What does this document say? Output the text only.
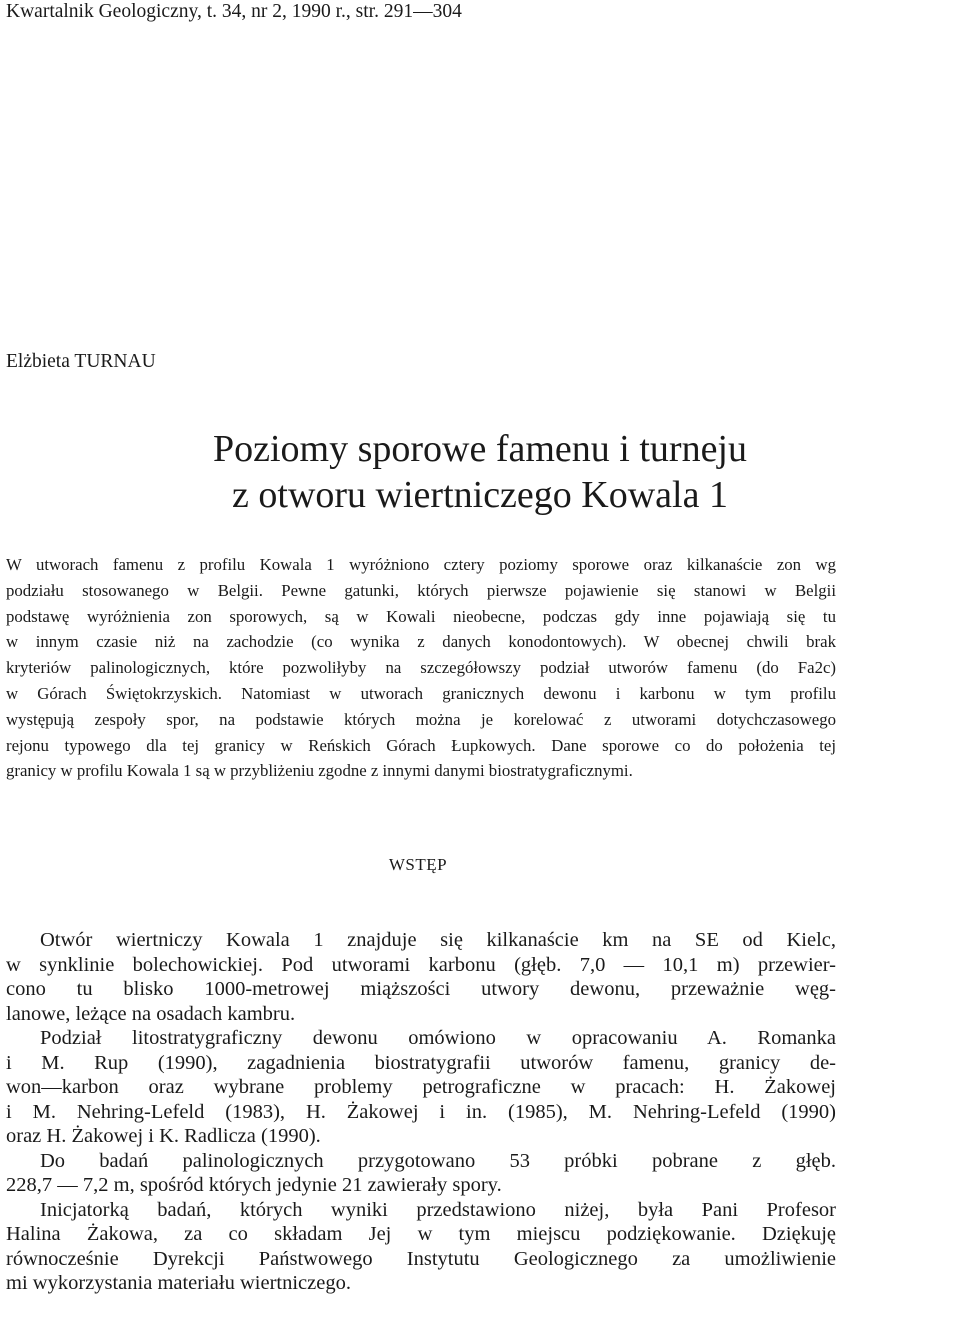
Kwartalnik Geologiczny, t. 34, nr 2, 1990 r., str. 291—304
Elżbieta TURNAU
Poziomy sporowe famenu i turneju
z otworu wiertniczego Kowala 1
W utworach famenu z profilu Kowala 1 wyróżniono cztery poziomy sporowe oraz kilkanaście zon wg
podziału stosowanego w Belgii. Pewne gatunki, których pierwsze pojawienie się stanowi w Belgii
podstawę wyróżnienia zon sporowych, są w Kowali nieobecne, podczas gdy inne pojawiają się tu
w innym czasie niż na zachodzie (co wynika z danych konodontowych). W obecnej chwili brak
kryteriów palinologicznych, które pozwoliłyby na szczegółowszy podział utworów famenu (do Fa2c)
w Górach Świętokrzyskich. Natomiast w utworach granicznych dewonu i karbonu w tym profilu
występują zespoły spor, na podstawie których można je korelować z utworami dotychczasowego
rejonu typowego dla tej granicy w Reńskich Górach Łupkowych. Dane sporowe co do położenia tej
granicy w profilu Kowala 1 są w przybliżeniu zgodne z innymi danymi biostratygraficznymi.
WSTĘP
Otwór wiertniczy Kowala 1 znajduje się kilkanaście km na SE od Kielc,
w synklinie bolechowickiej. Pod utworami karbonu (głęb. 7,0 — 10,1 m) przewier-
cono tu blisko 1000-metrowej miąższości utwory dewonu, przeważnie węg-
lanowe, leżące na osadach kambru.
Podział litostratygraficzny dewonu omówiono w opracowaniu A. Romanka
i M. Rup (1990), zagadnienia biostratygrafii utworów famenu, granicy de-
won—karbon oraz wybrane problemy petrograficzne w pracach: H. Żakowej
i M. Nehring-Lefeld (1983), H. Żakowej i in. (1985), M. Nehring-Lefeld (1990)
oraz H. Żakowej i K. Radlicza (1990).
Do badań palinologicznych przygotowano 53 próbki pobrane z głęb.
228,7 — 7,2 m, spośród których jedynie 21 zawierały spory.
Inicjatorką badań, których wyniki przedstawiono niżej, była Pani Profesor
Halina Żakowa, za co składam Jej w tym miejscu podziękowanie. Dziękuję
równocześnie Dyrekcji Państwowego Instytutu Geologicznego za umożliwienie
mi wykorzystania materiału wiertniczego.
